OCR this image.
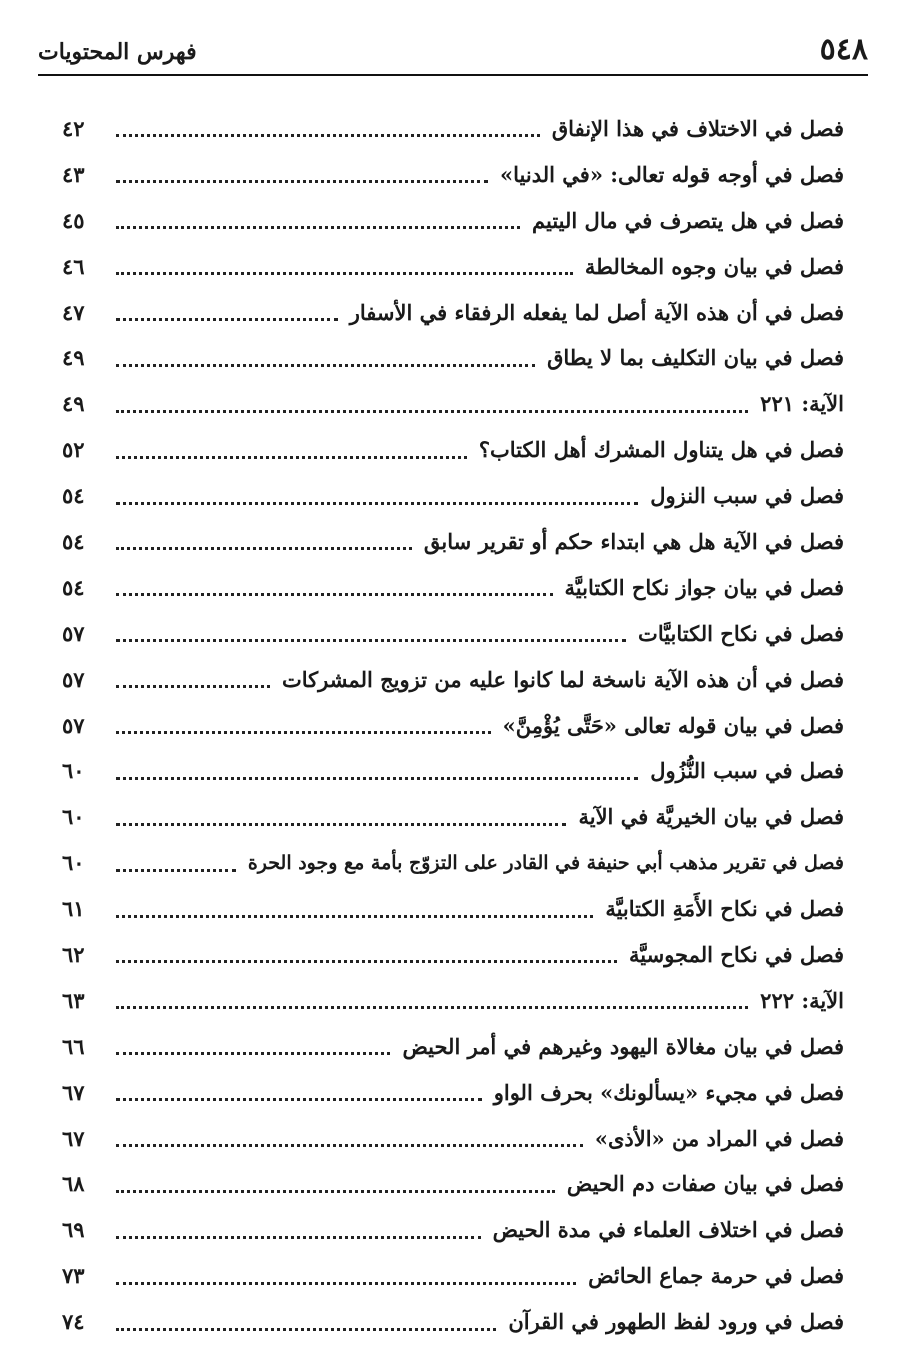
٥٤٨
فهرس المحتويات
فصل في الاختلاف في هذا الإنفاق
٤٢
فصل في أوجه قوله تعالى: «في الدنيا»
٤٣
فصل في هل يتصرف في مال اليتيم
٤٥
فصل في بيان وجوه المخالطة
٤٦
فصل في أن هذه الآية أصل لما يفعله الرفقاء في الأسفار
٤٧
فصل في بيان التكليف بما لا يطاق
٤٩
الآية: ٢٢١
٤٩
فصل في هل يتناول المشرك أهل الكتاب؟
٥٢
فصل في سبب النزول
٥٤
فصل في الآية هل هي ابتداء حكم أو تقرير سابق
٥٤
فصل في بيان جواز نكاح الكتابيَّة
٥٤
فصل في نكاح الكتابيَّات
٥٧
فصل في أن هذه الآية ناسخة لما كانوا عليه من تزويج المشركات
٥٧
فصل في بيان قوله تعالى «حَتَّى يُؤْمِنَّ»
٥٧
فصل في سبب النُّزُول
٦٠
فصل في بيان الخيريَّة في الآية
٦٠
فصل في تقرير مذهب أبي حنيفة في القادر على التزوّج بأمة مع وجود الحرة
٦٠
فصل في نكاح الأَمَةِ الكتابيَّة
٦١
فصل في نكاح المجوسيَّة
٦٢
الآية: ٢٢٢
٦٣
فصل في بيان مغالاة اليهود وغيرهم في أمر الحيض
٦٦
فصل في مجيء «يسألونك» بحرف الواو
٦٧
فصل في المراد من «الأذى»
٦٧
فصل في بيان صفات دم الحيض
٦٨
فصل في اختلاف العلماء في مدة الحيض
٦٩
فصل في حرمة جماع الحائض
٧٣
فصل في ورود لفظ الطهور في القرآن
٧٤
